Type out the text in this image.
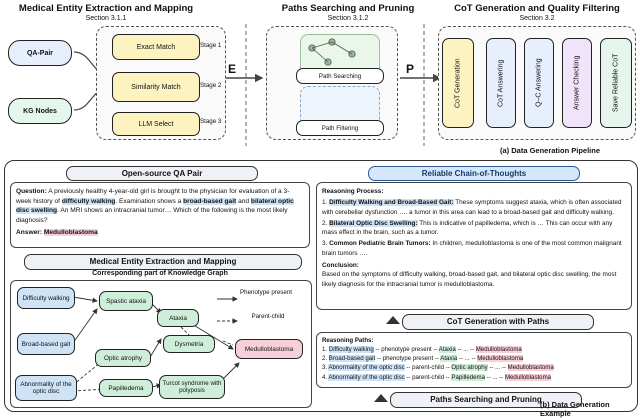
Medical Entity Extraction and Mapping
Section 3.1.1
Paths Searching and Pruning
Section 3.1.2
CoT Generation and Quality Filtering
Section 3.2
QA-Pair
KG Nodes
Exact Match	Stage 1
Similarity Match	Stage 2
LLM Select	Stage 3
E	Path Searching
Path Filtering
P	CoT Generation	CoT Answering	Q–C Answering	Answer Checking	Save Reliable CoT
(a) Data Generation Pipeline
Open-source QA Pair
Question: A previously healthy 4-year-old girl is brought to the physician for evaluation of a 3-week history of difficulty walking. Examination shows a broad-based gait and bilateral optic disc swelling. An MRI shows an intracranial tumor… Which of the following is the most likely diagnosis?
Answer: Medulloblastoma
Medical Entity Extraction and Mapping
Corresponding part of Knowledge Graph
Difficulty walking
Broad-based gait
Abnormality of the optic disc
Spastic ataxia
Ataxia
Optic atrophy
Dysmetria
Papilledema
Turcot syndrome with polyposis
Medulloblastoma
Phenotype present
Parent-child
Reliable Chain-of-Thoughts
Reasoning Process:
1. Difficulty Walking and Broad-Based Gait: These symptoms suggest ataxia, which is often associated with cerebellar dysfunction …. a tumor in this area can lead to a broad-based gait and difficulty walking.
2. Bilateral Optic Disc Swelling: This is indicative of papilledema, which is … This can occur with any mass effect in the brain, such as a tumor.
3. Common Pediatric Brain Tumors: In children, medulloblastoma is one of the most common malignant brain tumors ….
Conclusion:
Based on the symptoms of difficulty walking, broad-based gait, and bilateral optic disc swelling, the most likely diagnosis for the intracranial tumor is medulloblastoma.
CoT Generation with Paths
Reasoning Paths:
1. Difficulty walking -- phenotype present -- Ataxia -- ... -- Medulloblastoma
2. Broad-based gait -- phenotype present -- Ataxia -- ... -- Medulloblastoma
3. Abnormality of the optic disc -- parent-child -- Optic atrophy -- ... -- Medulloblastoma
4. Abnormality of the optic disc -- parent-child -- Papilledema -- ... -- Medulloblastoma
Paths Searching and Pruning
(b) Data Generation Example
